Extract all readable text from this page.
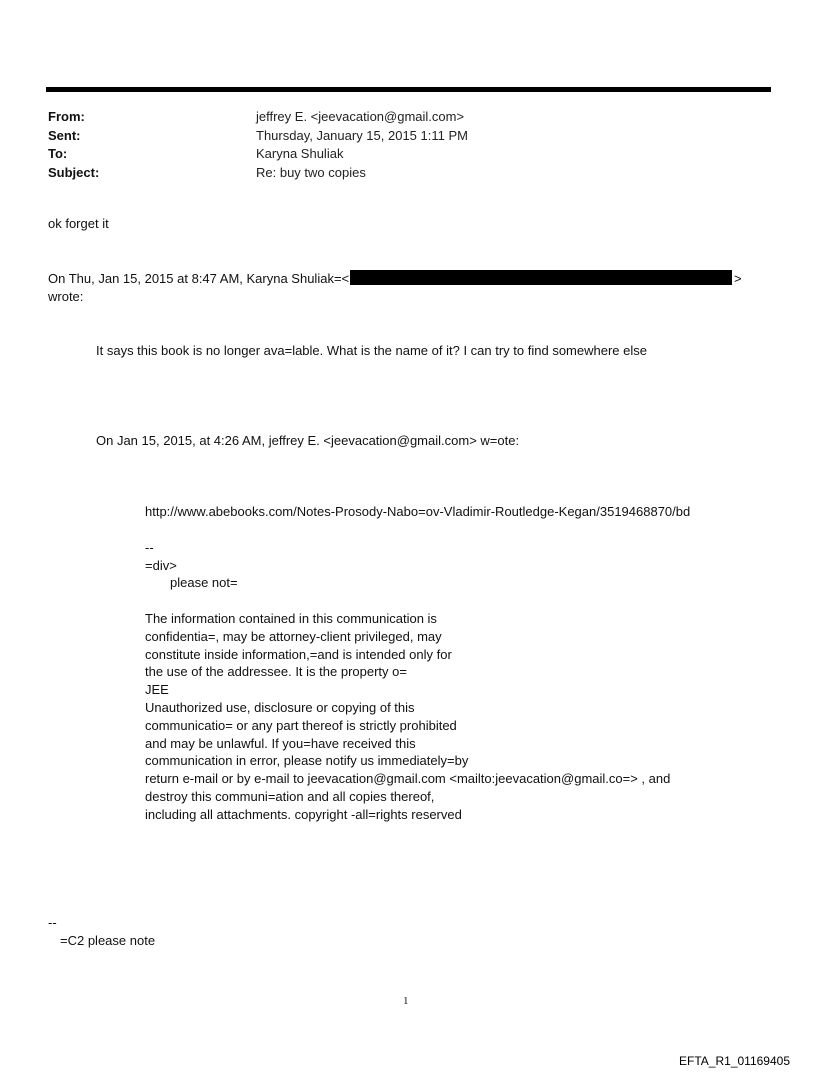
From:	jeffrey E. <jeevacation@gmail.com>
Sent:	Thursday, January 15, 2015 1:11 PM
To:	Karyna Shuliak
Subject:	Re: buy two copies
ok forget it
On Thu, Jan 15, 2015 at 8:47 AM, Karyna Shuliak=<	>
wrote:
It says this book is no longer ava=lable. What is the name of it? I can try to find somewhere else
On Jan 15, 2015, at 4:26 AM, jeffrey E. <jeevacation@gmail.com> w=ote:
http://www.abebooks.com/Notes-Prosody-Nabo=ov-Vladimir-Routledge-Kegan/3519468870/bd
--
=div>
please not=
The information contained in this communication is
confidentia=, may be attorney-client privileged, may
constitute inside information,=and is intended only for
the use of the addressee. It is the property o=
JEE
Unauthorized use, disclosure or copying of this
communicatio= or any part thereof is strictly prohibited
and may be unlawful. If you=have received this
communication in error, please notify us immediately=by
return e-mail or by e-mail to jeevacation@gmail.com <mailto:jeevacation@gmail.co=> , and
destroy this communi=ation and all copies thereof,
including all attachments. copyright -all=rights reserved
--
=C2 please note
1
EFTA_R1_01169405
